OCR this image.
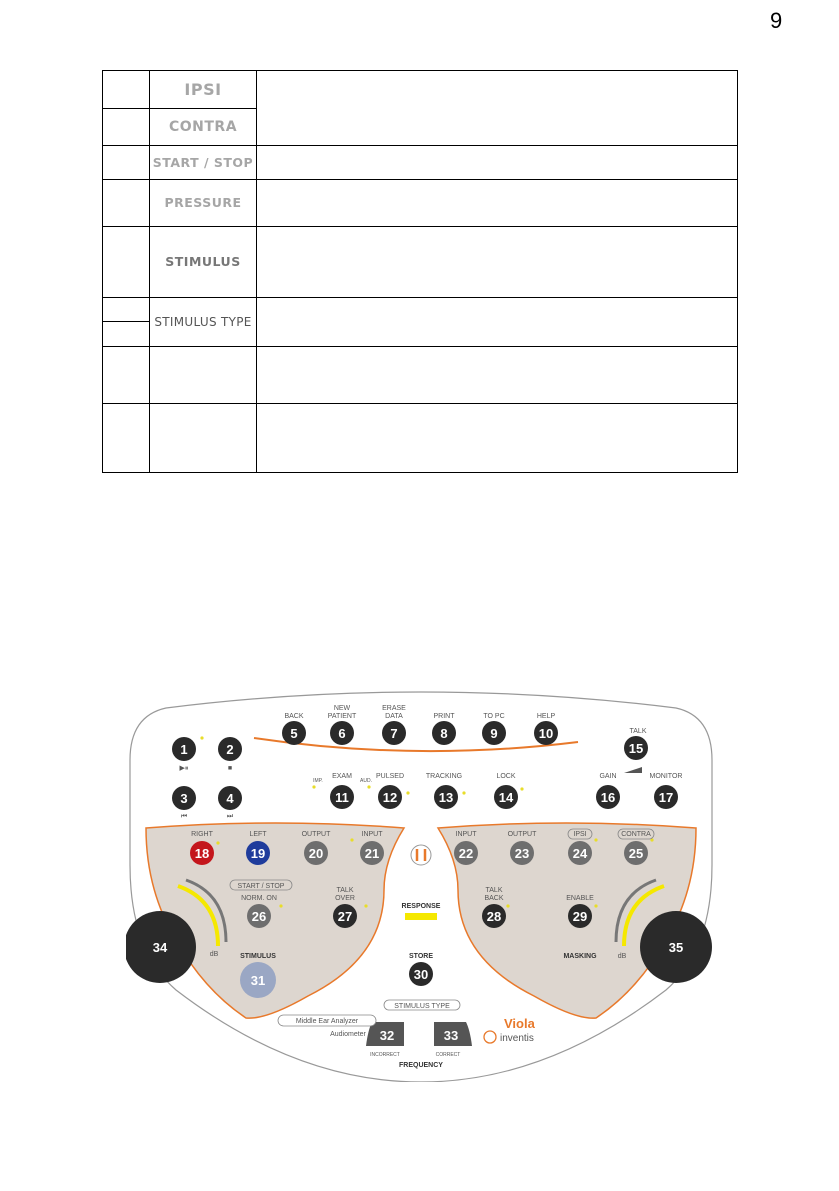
9
	IPSI	
	CONTRA	
	START / STOP	
	PRESSURE	
	STIMULUS	
	STIMULUS TYPE	

BACK
NEW
PATIENT
ERASE
DATA	PRINT	TO PC	HELP
TALK
EXAM
IMP.	AUD.
PULSED	TRACKING	LOCK	GAIN	MONITOR
▶⏸	■
⏮	⏭
1	2
3	4
5	6	7	8	9	10
15
11	12	13	14	16	17
RIGHT	LEFT	OUTPUT	INPUT
START / STOP
NORM. ON
TALK
OVER
STIMULUS
dB
18	19	20	21
26	27
31
34
RESPONSE
STORE
30
STIMULUS TYPE
32	33
INCORRECT	CORRECT
FREQUENCY
Middle Ear Analyzer
Audiometer
INPUT	OUTPUT	IPSI	CONTRA
TALK
BACK	ENABLE
MASKING	dB
22	23	24	25
28	29
35
Viola
inventis
